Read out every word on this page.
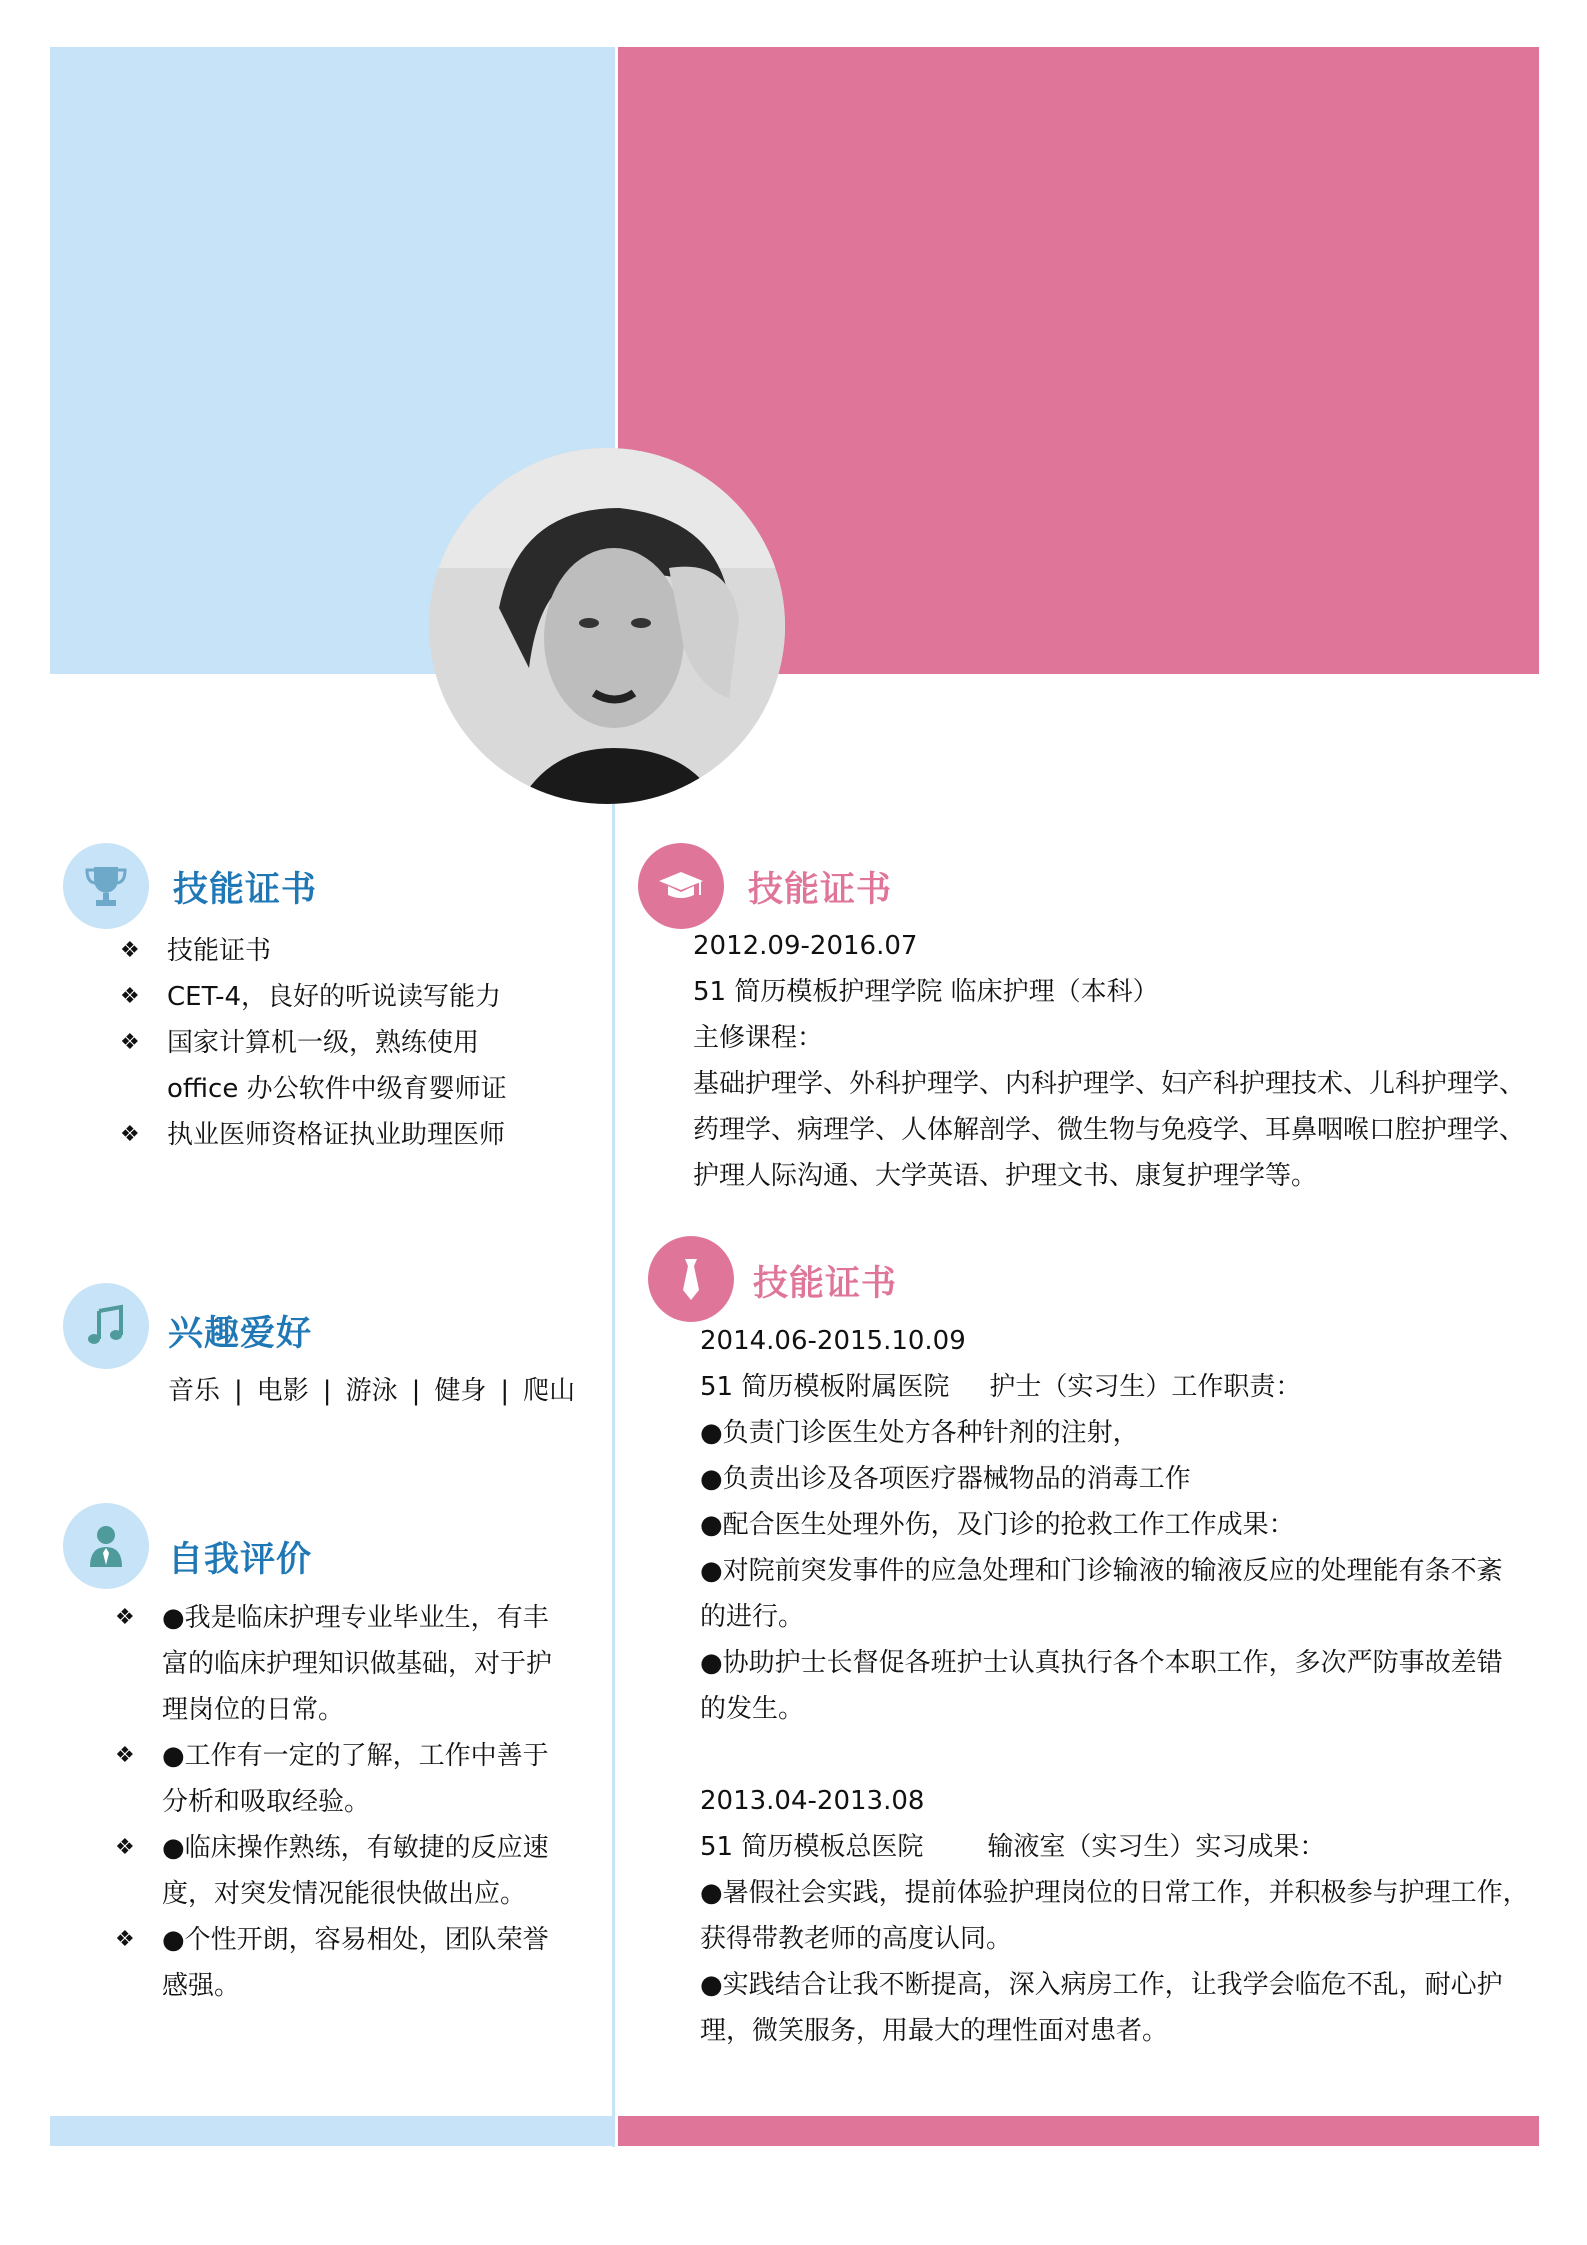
技能证书
❖ 技能证书
❖ CET-4，良好的听说读写能力
❖ 国家计算机一级，熟练使用
office 办公软件中级育婴师证
❖ 执业医师资格证执业助理医师
兴趣爱好
音乐 | 电影 | 游泳 | 健身 | 爬山
自我评价
❖ ●我是临床护理专业毕业生，有丰
富的临床护理知识做基础，对于护
理岗位的日常。
❖ ●工作有一定的了解，工作中善于
分析和吸取经验。
❖ ●临床操作熟练，有敏捷的反应速
度，对突发情况能很快做出应。
❖ ●个性开朗，容易相处，团队荣誉
感强。
技能证书
2012.09-2016.07
51 简历模板护理学院 临床护理（本科）
主修课程：
基础护理学、外科护理学、内科护理学、妇产科护理技术、儿科护理学、
药理学、病理学、人体解剖学、微生物与免疫学、耳鼻咽喉口腔护理学、
护理人际沟通、大学英语、护理文书、康复护理学等。
技能证书
2014.06-2015.10.09
51 简历模板附属医院 护士（实习生）工作职责：
●负责门诊医生处方各种针剂的注射，
●负责出诊及各项医疗器械物品的消毒工作
●配合医生处理外伤，及门诊的抢救工作工作成果：
●对院前突发事件的应急处理和门诊输液的输液反应的处理能有条不紊
的进行。
●协助护士长督促各班护士认真执行各个本职工作，多次严防事故差错
的发生。
2013.04-2013.08
51 简历模板总医院 输液室（实习生）实习成果：
●暑假社会实践，提前体验护理岗位的日常工作，并积极参与护理工作，
获得带教老师的高度认同。
●实践结合让我不断提高，深入病房工作，让我学会临危不乱，耐心护
理，微笑服务，用最大的理性面对患者。
